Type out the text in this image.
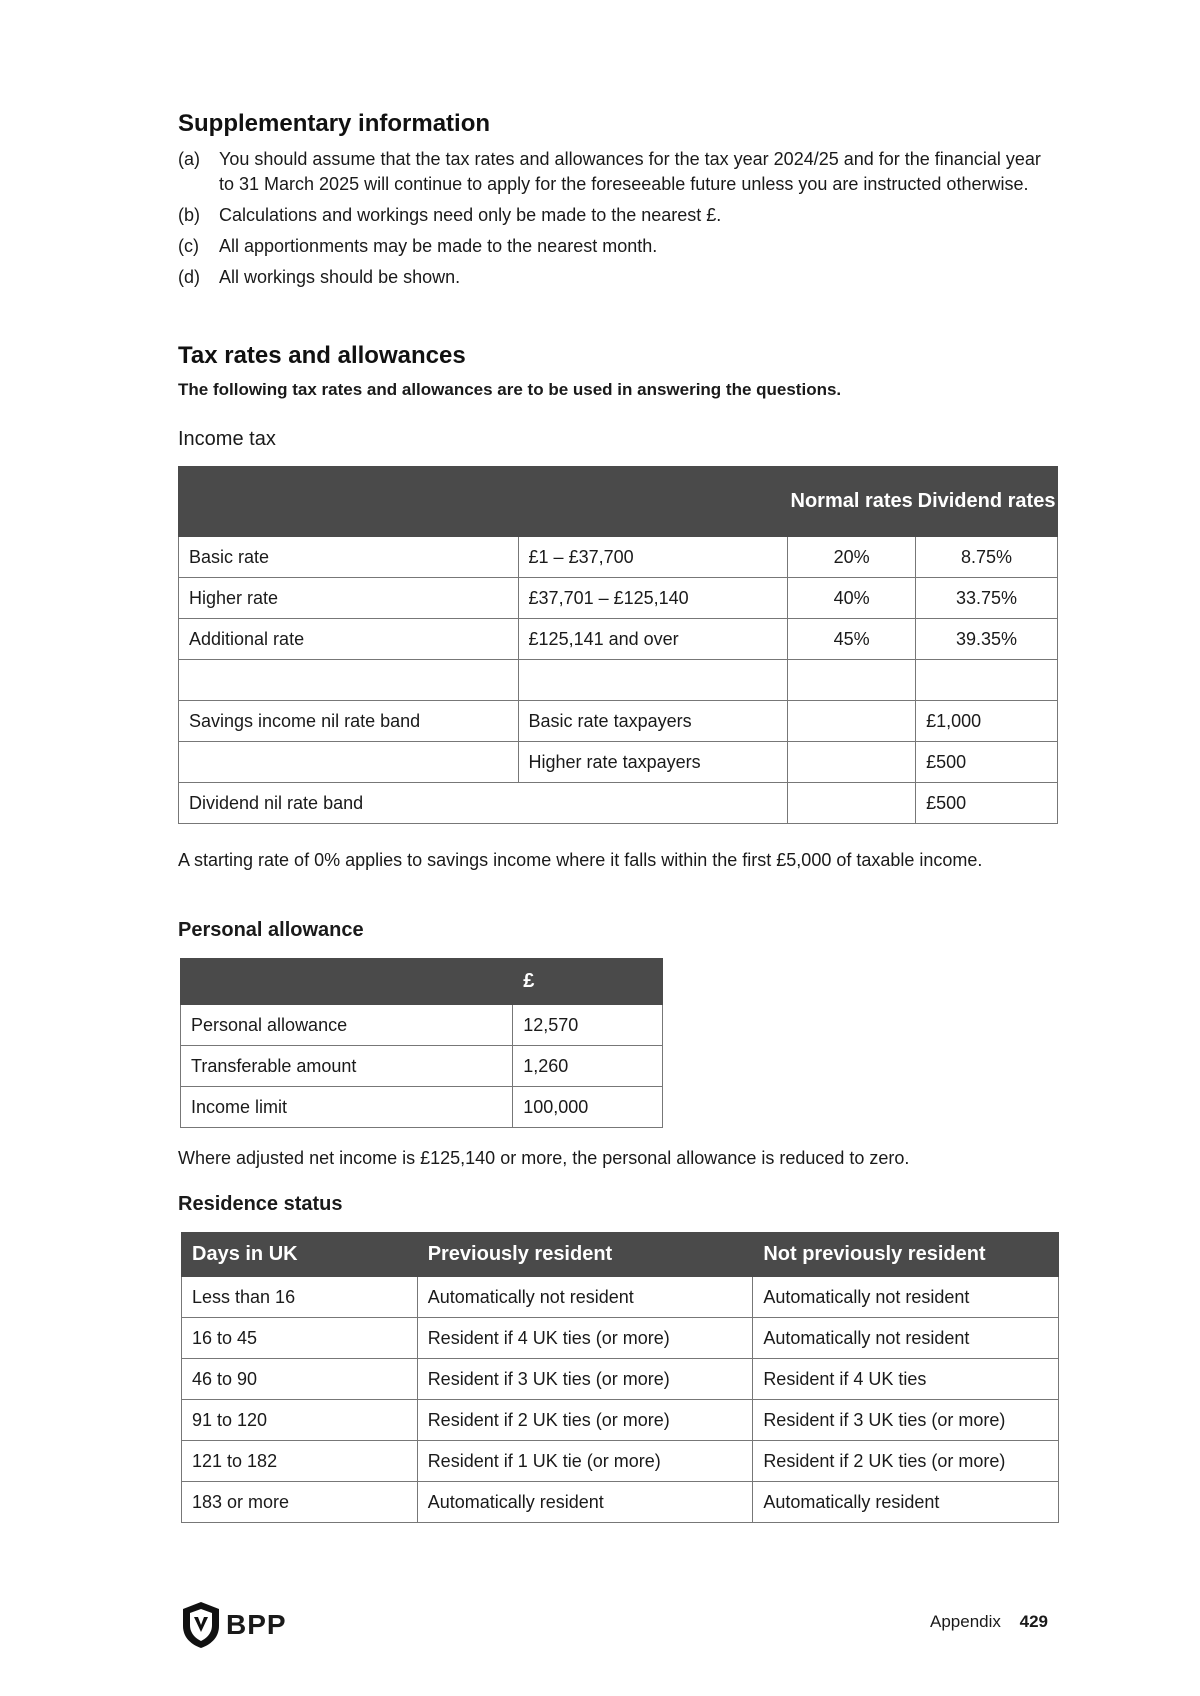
Supplementary information
(a)	You should assume that the tax rates and allowances for the tax year 2024/25 and for the financial year to 31 March 2025 will continue to apply for the foreseeable future unless you are instructed otherwise.
(b)	Calculations and workings need only be made to the nearest £.
(c)	All apportionments may be made to the nearest month.
(d)	All workings should be shown.
Tax rates and allowances
The following tax rates and allowances are to be used in answering the questions.
Income tax
		Normal rates	Dividend rates
Basic rate	£1 – £37,700	20%	8.75%
Higher rate	£37,701 – £125,140	40%	33.75%
Additional rate	£125,141 and over	45%	39.35%

Savings income nil rate band	Basic rate taxpayers		£1,000
	Higher rate taxpayers		£500
Dividend nil rate band			£500
A starting rate of 0% applies to savings income where it falls within the first £5,000 of taxable income.
Personal allowance
	£
Personal allowance	12,570
Transferable amount	1,260
Income limit	100,000
Where adjusted net income is £125,140 or more, the personal allowance is reduced to zero.
Residence status
Days in UK	Previously resident	Not previously resident
Less than 16	Automatically not resident	Automatically not resident
16 to 45	Resident if 4 UK ties (or more)	Automatically not resident
46 to 90	Resident if 3 UK ties (or more)	Resident if 4 UK ties
91 to 120	Resident if 2 UK ties (or more)	Resident if 3 UK ties (or more)
121 to 182	Resident if 1 UK tie (or more)	Resident if 2 UK ties (or more)
183 or more	Automatically resident	Automatically resident
BPP	Appendix 429
